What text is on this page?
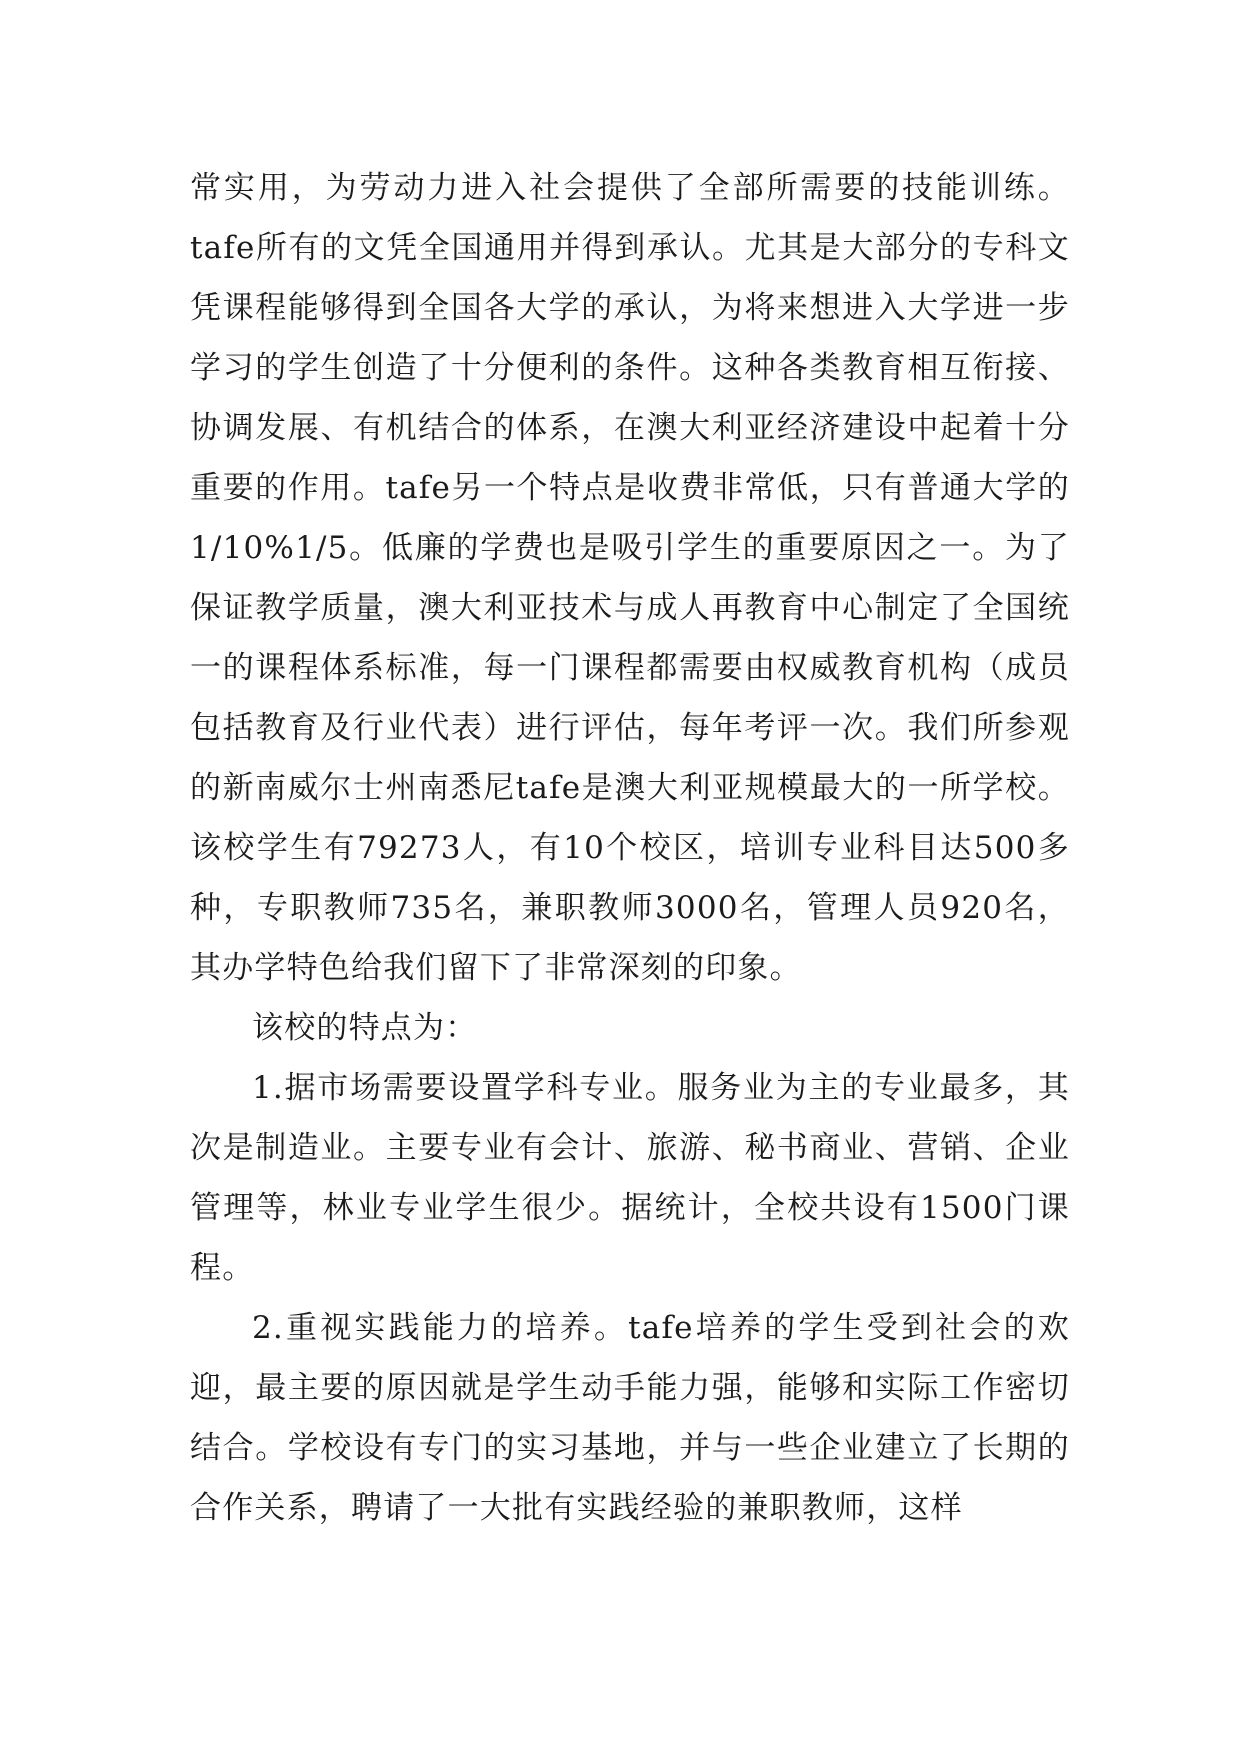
常实用，为劳动力进入社会提供了全部所需要的技能训练。tafe所有的文凭全国通用并得到承认。尤其是大部分的专科文凭课程能够得到全国各大学的承认，为将来想进入大学进一步学习的学生创造了十分便利的条件。这种各类教育相互衔接、协调发展、有机结合的体系，在澳大利亚经济建设中起着十分重要的作用。tafe另一个特点是收费非常低，只有普通大学的1/10%1/5。低廉的学费也是吸引学生的重要原因之一。为了保证教学质量，澳大利亚技术与成人再教育中心制定了全国统一的课程体系标准，每一门课程都需要由权威教育机构（成员包括教育及行业代表）进行评估，每年考评一次。我们所参观的新南威尔士州南悉尼tafe是澳大利亚规模最大的一所学校。该校学生有79273人，有10个校区，培训专业科目达500多种，专职教师735名，兼职教师3000名，管理人员920名，其办学特色给我们留下了非常深刻的印象。

该校的特点为：

1.据市场需要设置学科专业。服务业为主的专业最多，其次是制造业。主要专业有会计、旅游、秘书商业、营销、企业管理等，林业专业学生很少。据统计，全校共设有1500门课程。

2.重视实践能力的培养。tafe培养的学生受到社会的欢迎，最主要的原因就是学生动手能力强，能够和实际工作密切结合。学校设有专门的实习基地，并与一些企业建立了长期的合作关系，聘请了一大批有实践经验的兼职教师，这样
